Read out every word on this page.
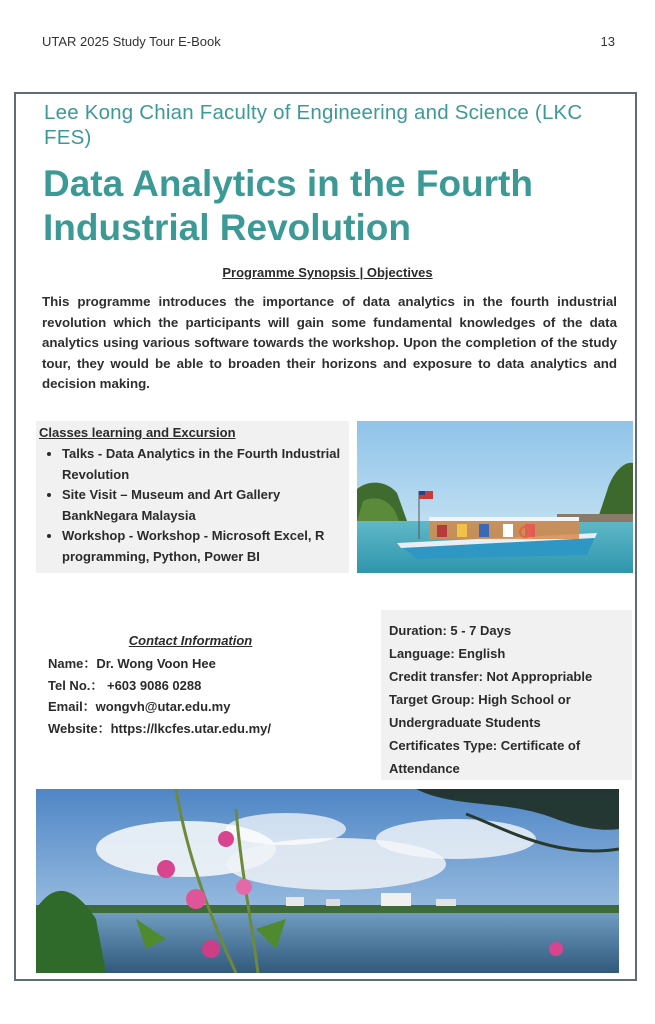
UTAR 2025 Study Tour E-Book	13
Lee Kong Chian Faculty of Engineering and Science (LKC FES)
Data Analytics in the Fourth Industrial Revolution
Programme Synopsis | Objectives
This programme introduces the importance of data analytics in the fourth industrial revolution which the participants will gain some fundamental knowledges of the data analytics using various software towards the workshop. Upon the completion of the study tour, they would be able to broaden their horizons and exposure to data analytics and decision making.
Classes learning and Excursion
• Talks - Data Analytics in the Fourth Industrial Revolution
• Site Visit – Museum and Art Gallery BankNegara Malaysia
• Workshop - Workshop - Microsoft Excel, R programming, Python, Power BI
Contact Information
Name：Dr. Wong Voon Hee
Tel No.： +603 9086 0288
Email：wongvh@utar.edu.my
Website：https://lkcfes.utar.edu.my/
Duration: 5 - 7 Days
Language: English
Credit transfer: Not Appropriable
Target Group: High School or
Undergraduate Students
Certificates Type: Certificate of
Attendance
